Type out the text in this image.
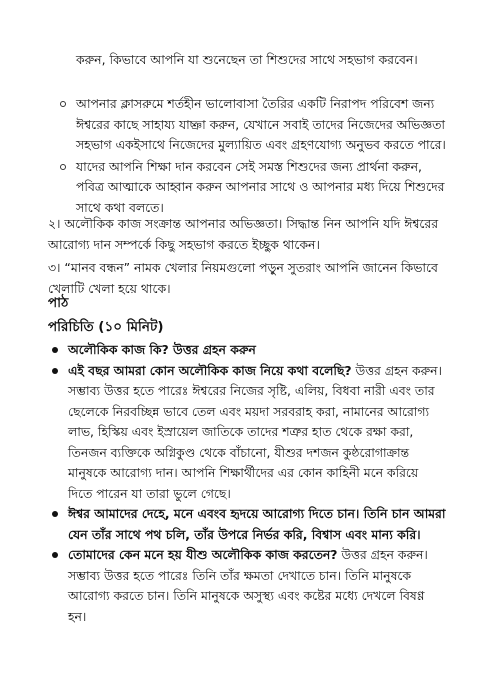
করুন, কিভাবে আপনি যা শুনেছেন তা শিশুদের সাথে সহভাগ করবেন।

আপনার ক্লাসরুমে শর্তহীন ভালোবাসা তৈরির একটি নিরাপদ পরিবেশ জন্য ঈশ্বরের কাছে সাহায্য যাচ্ঞা করুন, যেখানে সবাই তাদের নিজেদের অভিজ্ঞতা সহভাগ একইসাথে নিজেদের মুল্যায়িত এবং গ্রহণযোগ্য অনুভব করতে পারে।
যাদের আপনি শিক্ষা দান করবেন সেই সমস্ত শিশুদের জন্য প্রার্থনা করুন, পবিত্র আত্মাকে আহ্বান করুন আপনার সাথে ও আপনার মধ্য দিয়ে শিশুদের সাথে কথা বলতে।

২। অলৌকিক কাজ সংক্রান্ত আপনার অভিজ্ঞতা। সিদ্ধান্ত নিন আপনি যদি ঈশ্বরের আরোগ্য দান সম্পর্কে কিছু সহভাগ করতে ইচ্ছুক থাকেন।

৩। “মানব বন্ধন” নামক খেলার নিয়মগুলো পড়ুন সুতরাং আপনি জানেন কিভাবে খেলাটি খেলা হয়ে থাকে।

পাঠ
পরিচিতি (১০ মিনিট)
অলৌকিক কাজ কি? উত্তর গ্রহন করুন
এই বছর আমরা কোন অলৌকিক কাজ নিয়ে কথা বলেছি? উত্তর গ্রহন করুন। সম্ভাব্য উত্তর হতে পারেঃ ঈশ্বরের নিজের সৃষ্টি, এলিয়, বিধবা নারী এবং তার ছেলেকে নিরবচ্ছিন্ন ভাবে তেল এবং ময়দা সরবরাহ করা, নামানের আরোগ্য লাভ, হিস্কিয় এবং ইস্রায়েল জাতিকে তাদের শত্রুর হাত থেকে রক্ষা করা, তিনজন ব্যক্তিকে অগ্নিকুণ্ড থেকে বাঁচানো, যীশুর দশজন কুষ্ঠরোগাক্রান্ত মানুষকে আরোগ্য দান। আপনি শিক্ষার্থীদের এর কোন কাহিনী মনে করিয়ে দিতে পারেন যা তারা ভুলে গেছে।
ঈশ্বর আমাদের দেহে, মনে এবংব হৃদয়ে আরোগ্য দিতে চান। তিনি চান আমরা যেন তাঁর সাথে পথ চলি, তাঁর উপরে নির্ভর করি, বিশ্বাস এবং মান্য করি।
তোমাদের কেন মনে হয় যীশু অলৌকিক কাজ করতেন? উত্তর গ্রহন করুন। সম্ভাব্য উত্তর হতে পারেঃ তিনি তাঁর ক্ষমতা দেখাতে চান। তিনি মানুষকে আরোগ্য করতে চান। তিনি মানুষকে অসুস্থ্য এবং কষ্টের মধ্যে দেখলে বিষণ্ণ হন।
